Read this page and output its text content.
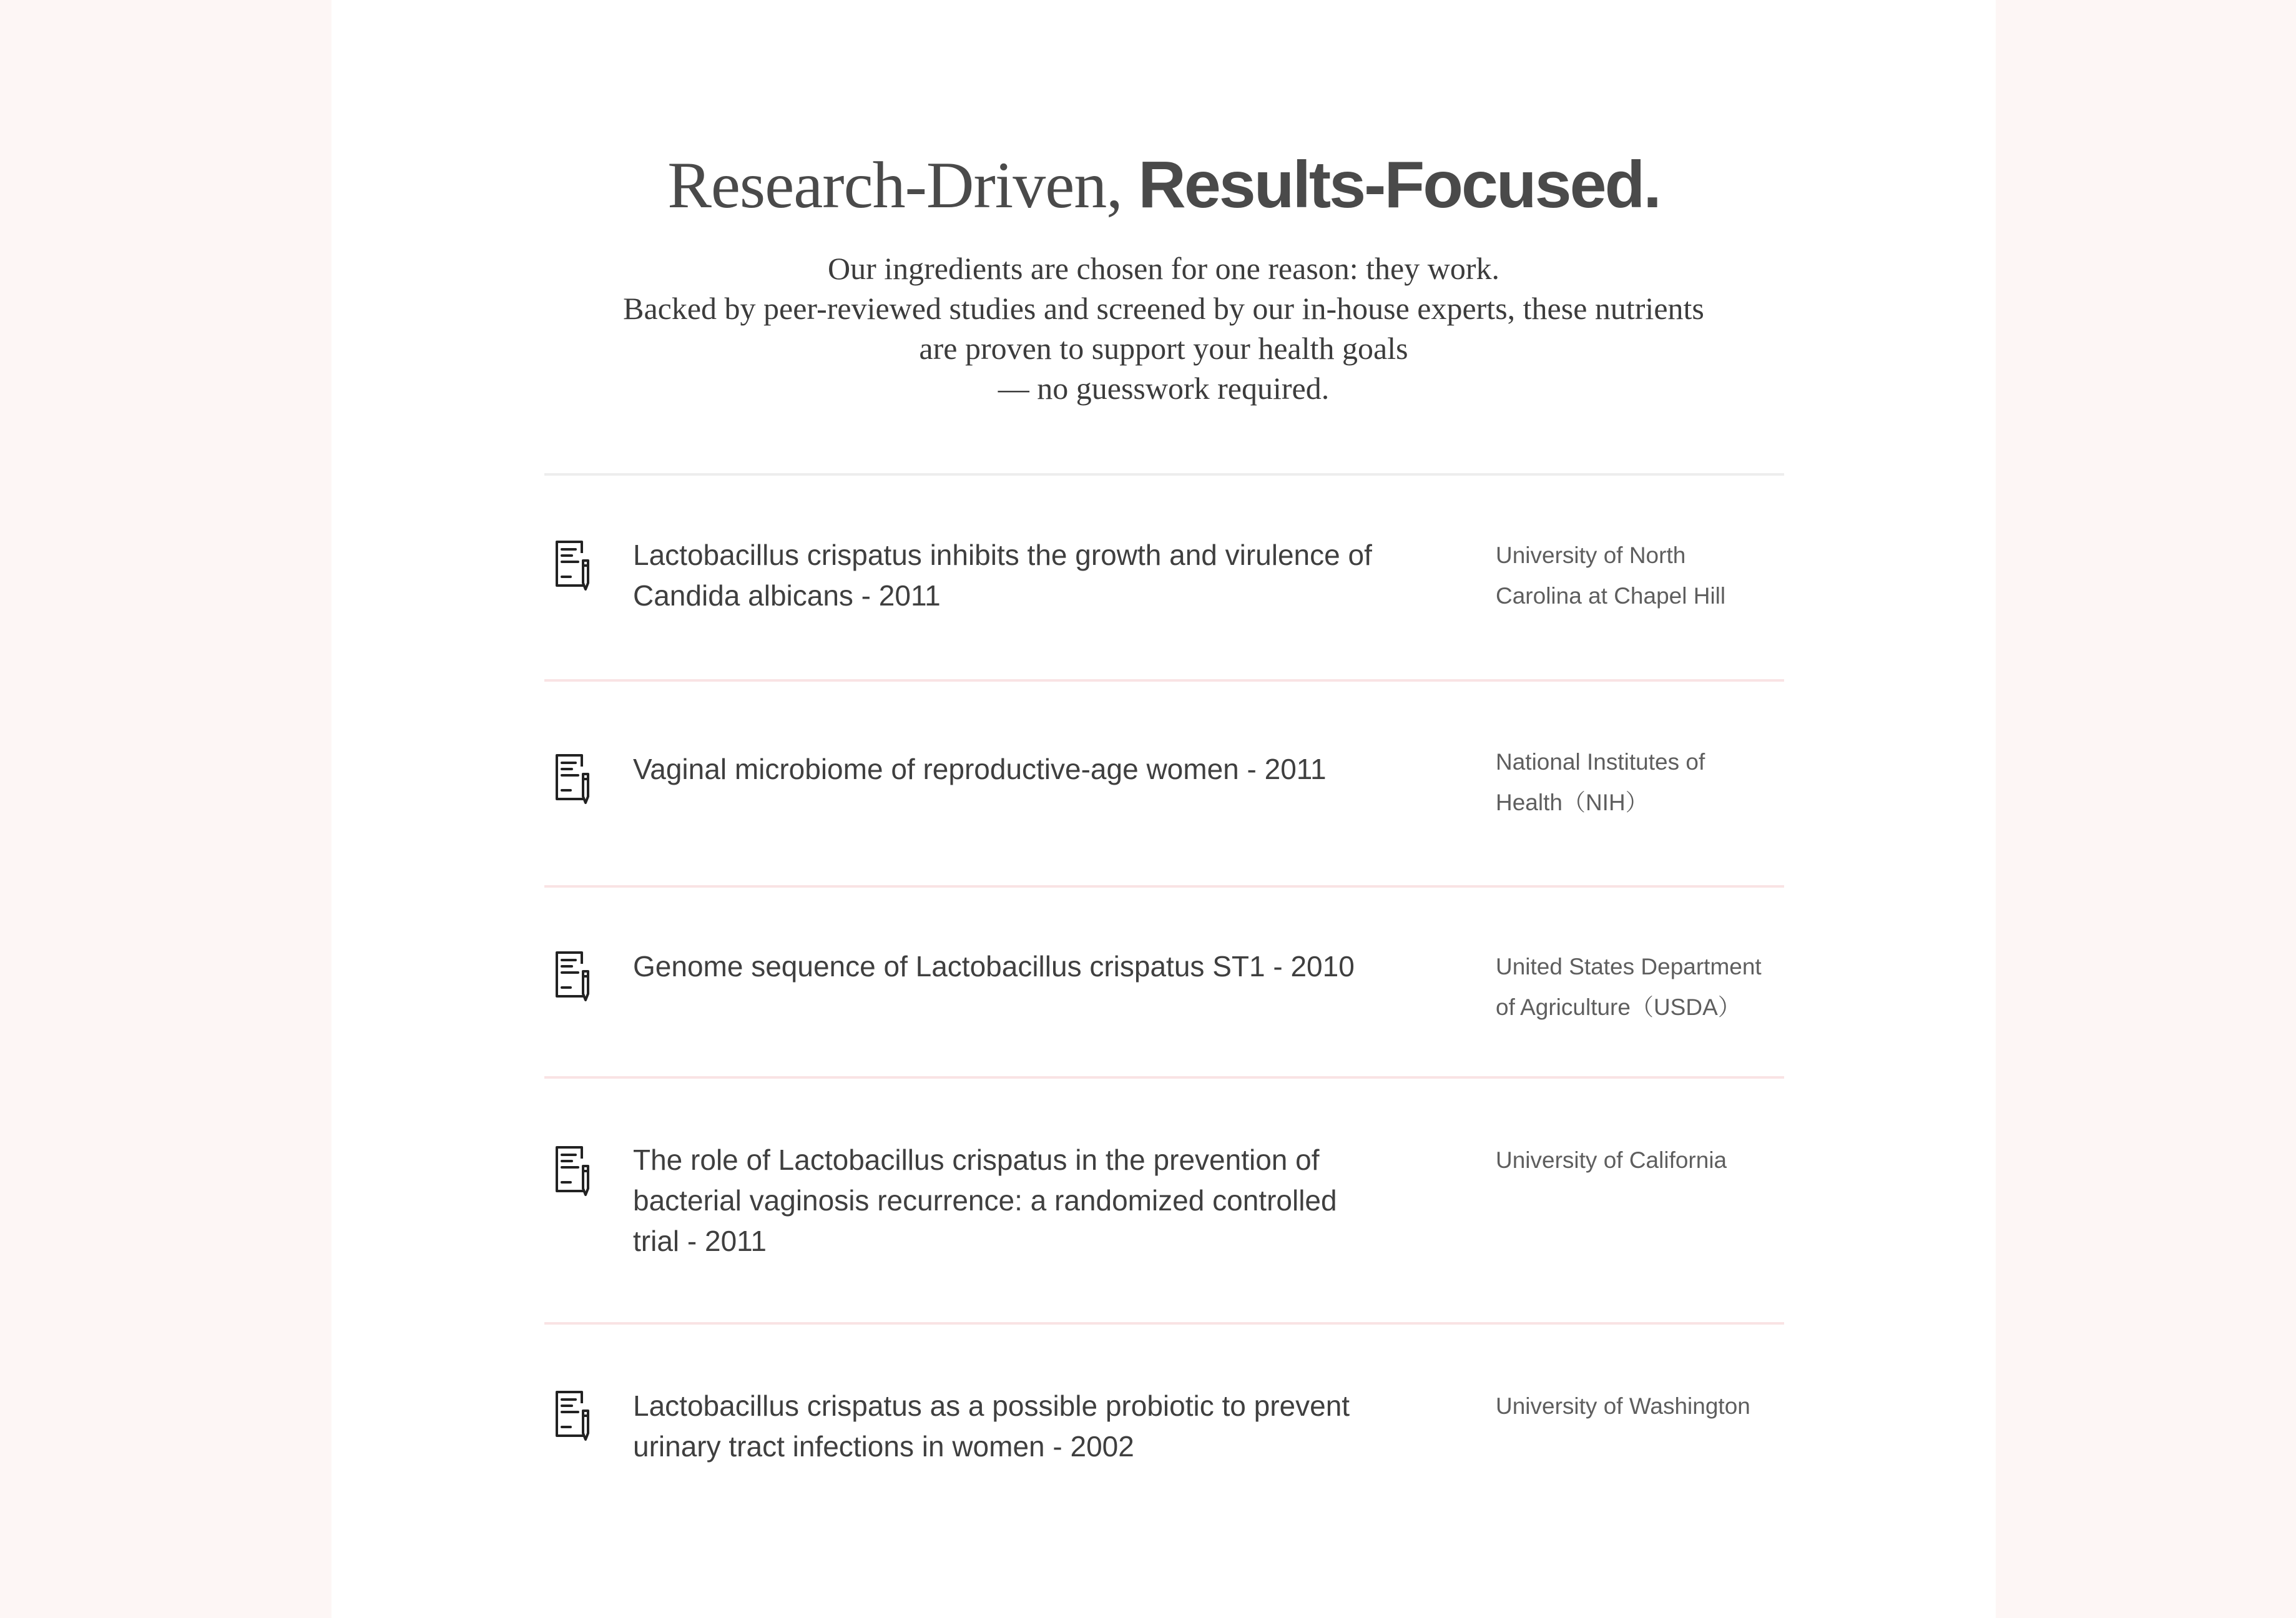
Research-Driven, Results-Focused.
Our ingredients are chosen for one reason: they work.
Backed by peer-reviewed studies and screened by our in-house experts, these nutrients
are proven to support your health goals
— no guesswork required.
Lactobacillus crispatus inhibits the growth and virulence of
Candida albicans - 2011
University of North
Carolina at Chapel Hill
Vaginal microbiome of reproductive-age women - 2011	National Institutes of
Health（NIH）
Genome sequence of Lactobacillus crispatus ST1 - 2010	United States Department
of Agriculture（USDA）
The role of Lactobacillus crispatus in the prevention of
bacterial vaginosis recurrence: a randomized controlled
trial - 2011
University of California
Lactobacillus crispatus as a possible probiotic to prevent
urinary tract infections in women - 2002
University of Washington
